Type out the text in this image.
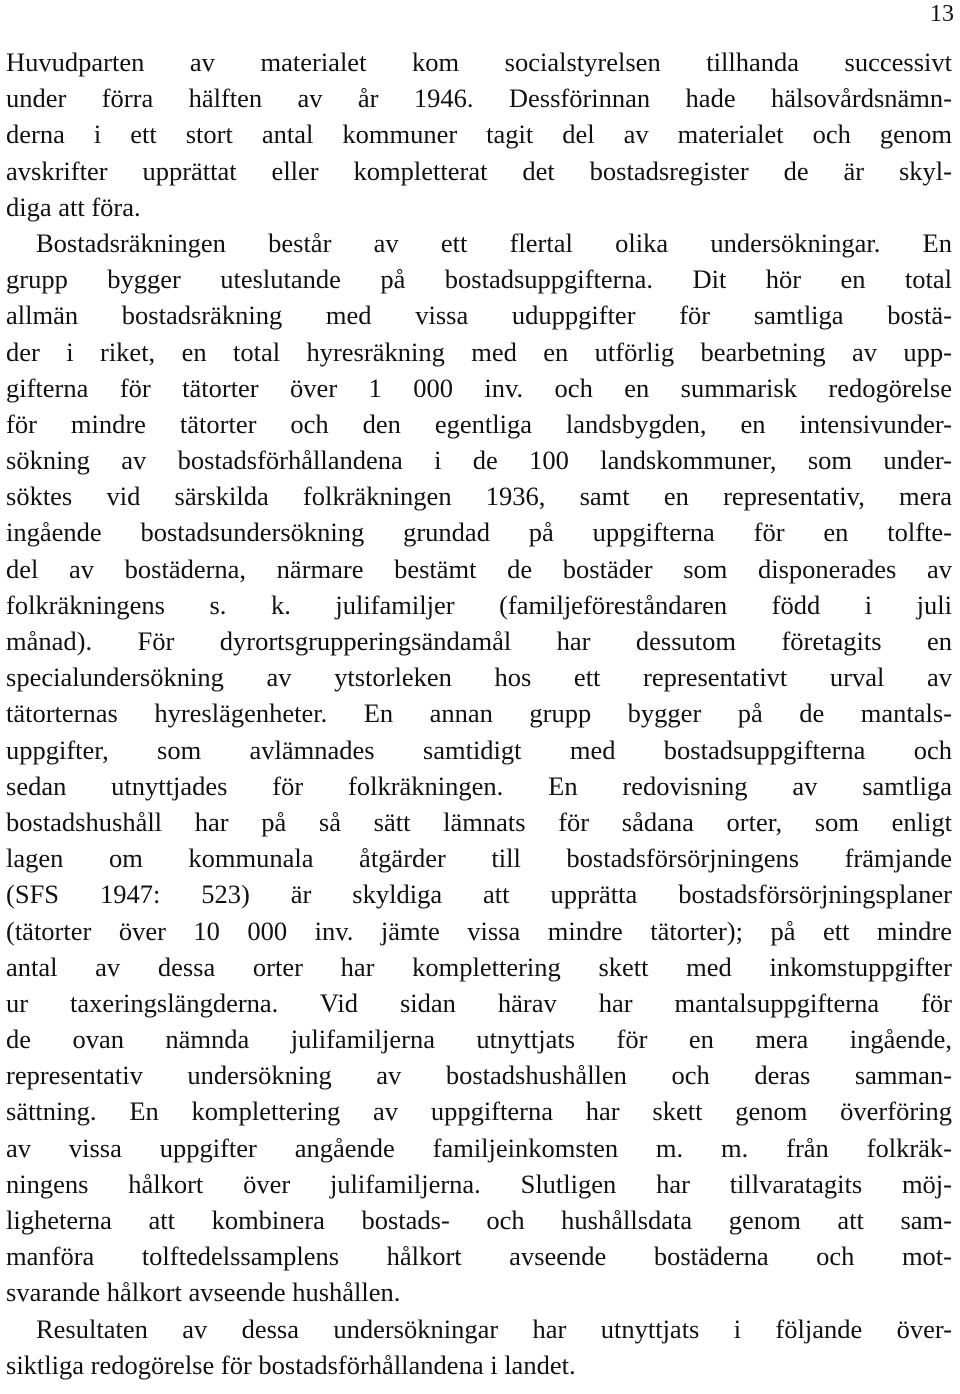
13
Huvudparten av materialet kom socialstyrelsen tillhanda successivt
under förra hälften av år 1946. Dessförinnan hade hälsovårdsnämn-
derna i ett stort antal kommuner tagit del av materialet och genom
avskrifter upprättat eller kompletterat det bostadsregister de är skyl-
diga att föra.
Bostadsräkningen består av ett flertal olika undersökningar. En
grupp bygger uteslutande på bostadsuppgifterna. Dit hör en total
allmän bostadsräkning med vissa uduppgifter för samtliga bostä-
der i riket, en total hyresräkning med en utförlig bearbetning av upp-
gifterna för tätorter över 1 000 inv. och en summarisk redogörelse
för mindre tätorter och den egentliga landsbygden, en intensivunder-
sökning av bostadsförhållandena i de 100 landskommuner, som under-
söktes vid särskilda folkräkningen 1936, samt en representativ, mera
ingående bostadsundersökning grundad på uppgifterna för en tolfte-
del av bostäderna, närmare bestämt de bostäder som disponerades av
folkräkningens s. k. julifamiljer (familjeföreståndaren född i juli
månad). För dyrortsgrupperingsändamål har dessutom företagits en
specialundersökning av ytstorleken hos ett representativt urval av
tätorternas hyreslägenheter. En annan grupp bygger på de mantals-
uppgifter, som avlämnades samtidigt med bostadsuppgifterna och
sedan utnyttjades för folkräkningen. En redovisning av samtliga
bostadshushåll har på så sätt lämnats för sådana orter, som enligt
lagen om kommunala åtgärder till bostadsförsörjningens främjande
(SFS 1947: 523) är skyldiga att upprätta bostadsförsörjningsplaner
(tätorter över 10 000 inv. jämte vissa mindre tätorter); på ett mindre
antal av dessa orter har komplettering skett med inkomstuppgifter
ur taxeringslängderna. Vid sidan härav har mantalsuppgifterna för
de ovan nämnda julifamiljerna utnyttjats för en mera ingående,
representativ undersökning av bostadshushållen och deras samman-
sättning. En komplettering av uppgifterna har skett genom överföring
av vissa uppgifter angående familjeinkomsten m. m. från folkräk-
ningens hålkort över julifamiljerna. Slutligen har tillvaratagits möj-
ligheterna att kombinera bostads- och hushållsdata genom att sam-
manföra tolftedelssamplens hålkort avseende bostäderna och mot-
svarande hålkort avseende hushållen.
Resultaten av dessa undersökningar har utnyttjats i följande över-
siktliga redogörelse för bostadsförhållandena i landet.
